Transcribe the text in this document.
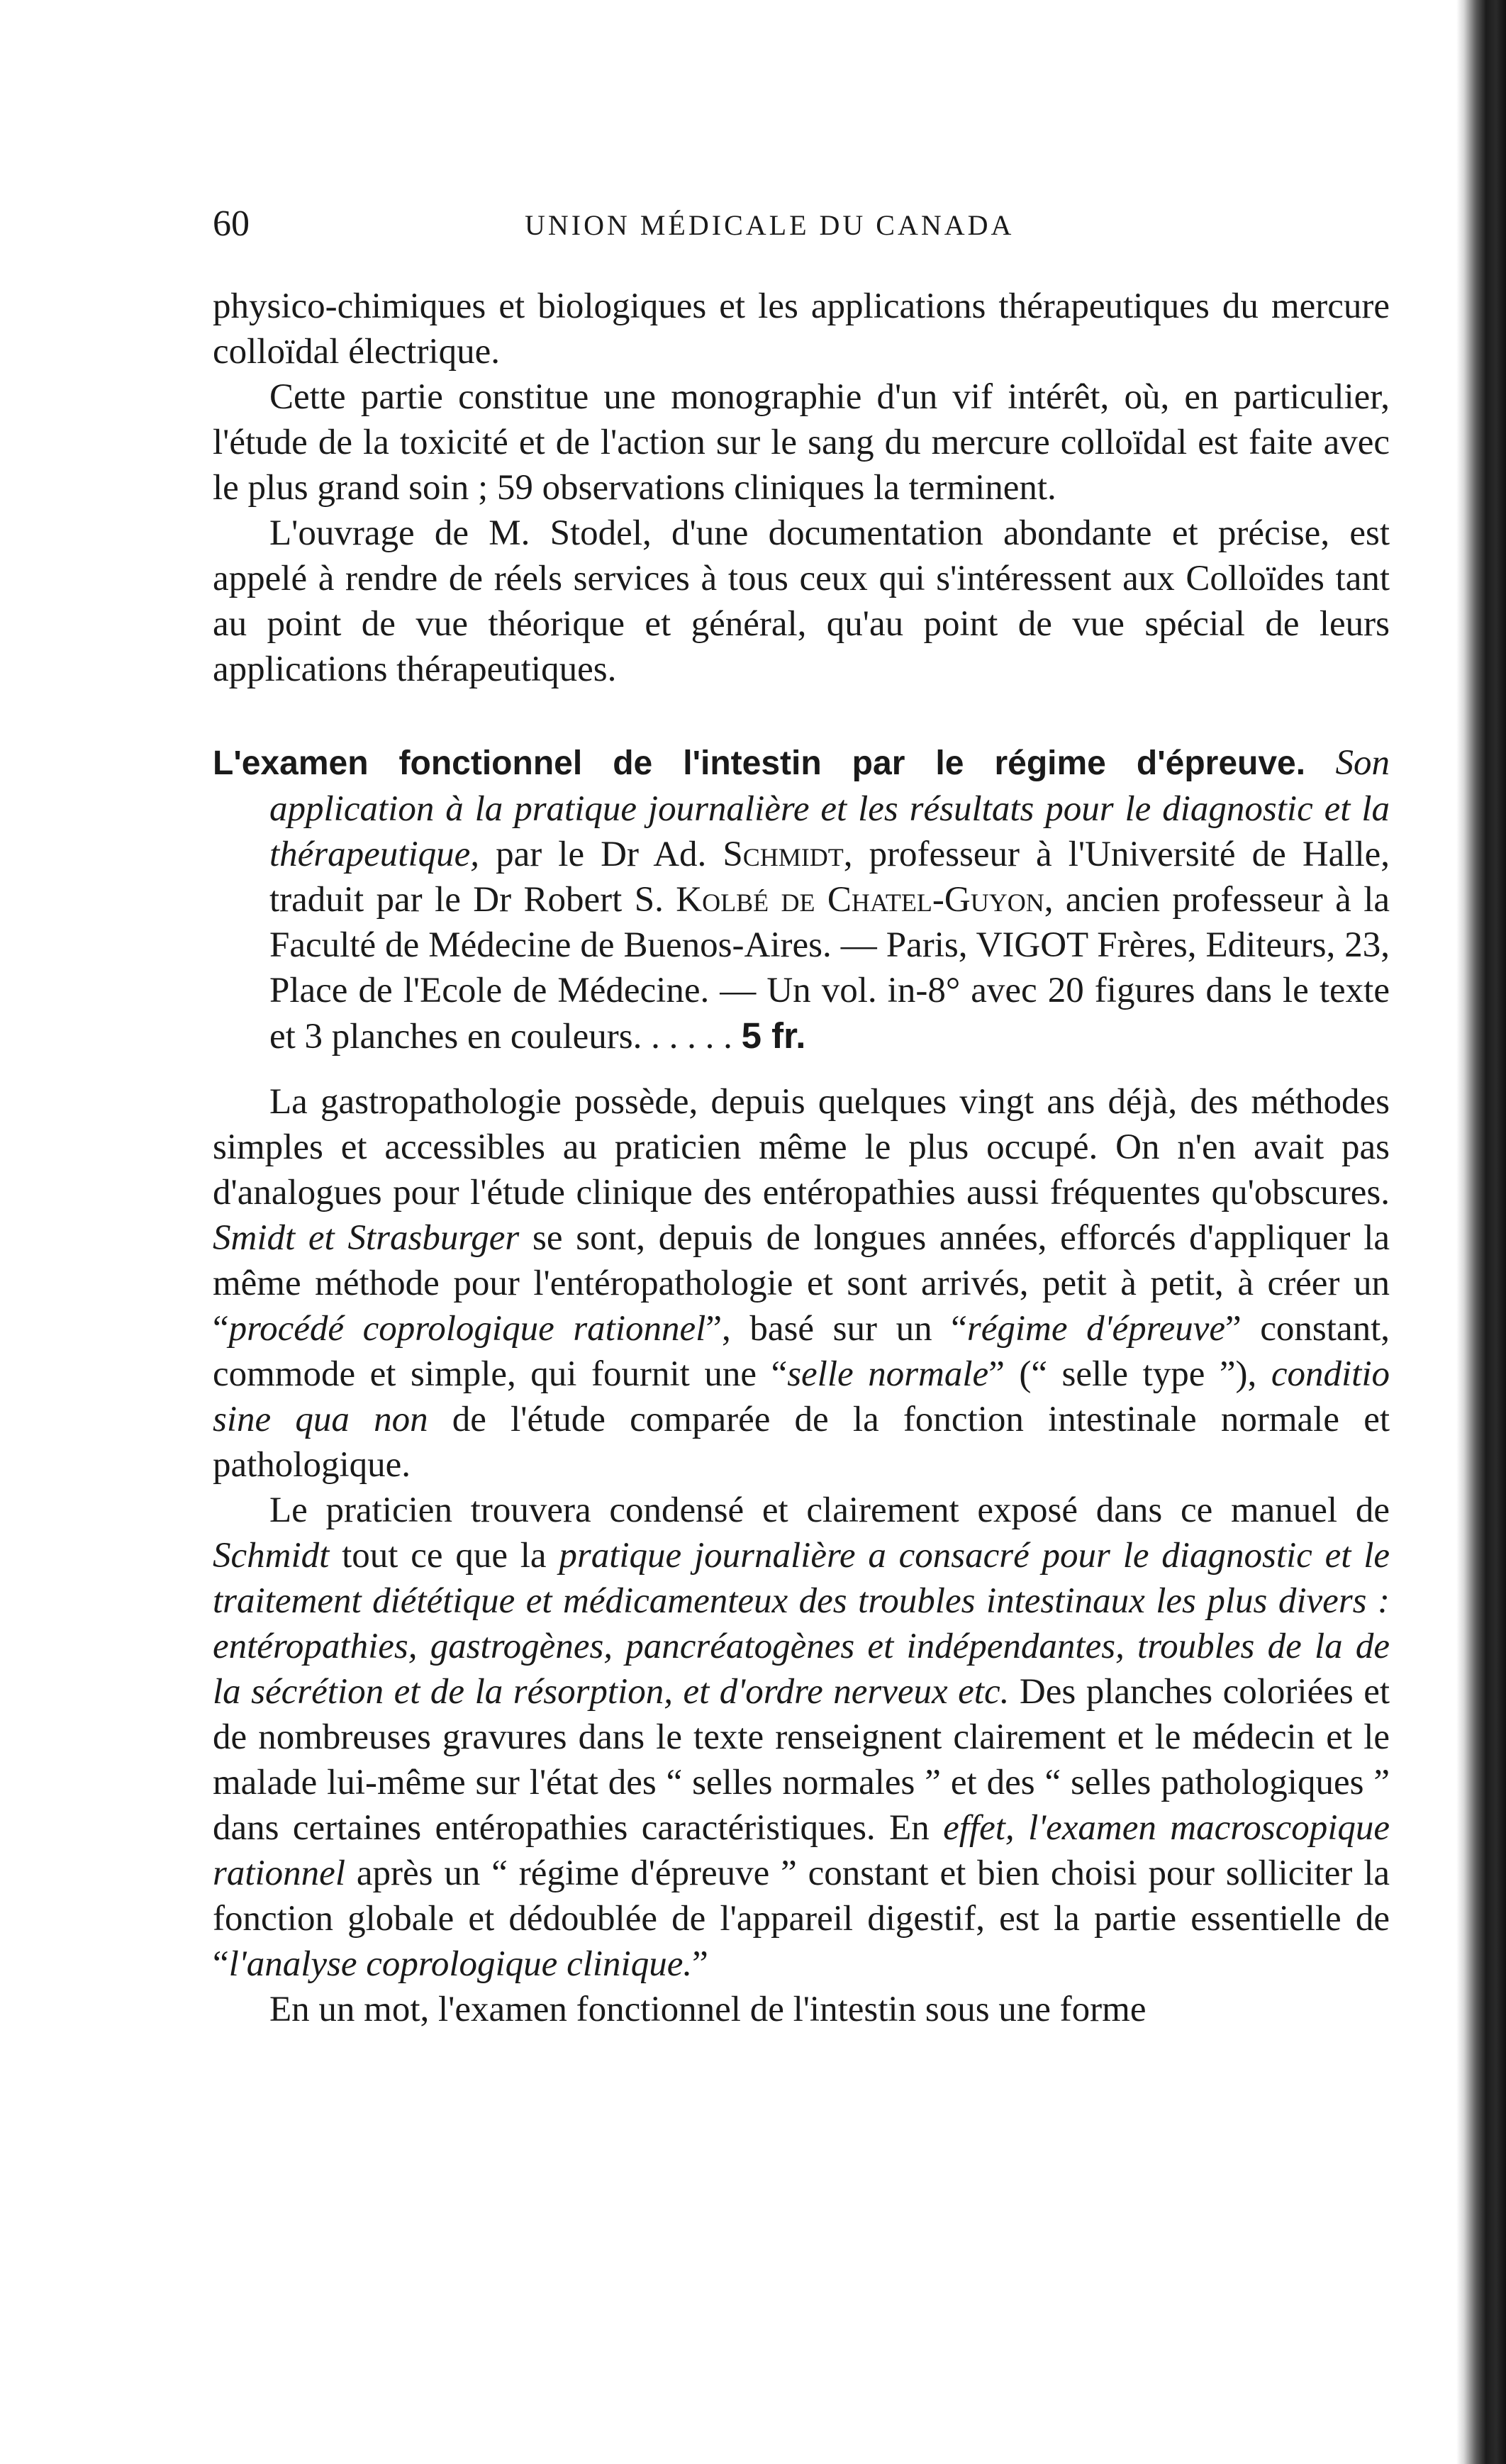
60	UNION MÉDICALE DU CANADA

physico-chimiques et biologiques et les applications thérapeutiques du mercure colloïdal électrique.

Cette partie constitue une monographie d'un vif intérêt, où, en particulier, l'étude de la toxicité et de l'action sur le sang du mercure colloïdal est faite avec le plus grand soin ; 59 observations cliniques la terminent.

L'ouvrage de M. Stodel, d'une documentation abondante et précise, est appelé à rendre de réels services à tous ceux qui s'intéressent aux Colloïdes tant au point de vue théorique et général, qu'au point de vue spécial de leurs applications thérapeutiques.

L'examen fonctionnel de l'intestin par le régime d'épreuve. Son application à la pratique journalière et les résultats pour le diagnostic et la thérapeutique, par le Dr Ad. Schmidt, professeur à l'Université de Halle, traduit par le Dr Robert S. Kolbé de Chatel-Guyon, ancien professeur à la Faculté de Médecine de Buenos-Aires. — Paris, VIGOT Frères, Editeurs, 23, Place de l'Ecole de Médecine. — Un vol. in-8° avec 20 figures dans le texte et 3 planches en couleurs. . . . . . 5 fr.

La gastropathologie possède, depuis quelques vingt ans déjà, des méthodes simples et accessibles au praticien même le plus occupé. On n'en avait pas d'analogues pour l'étude clinique des entéropathies aussi fréquentes qu'obscures. Smidt et Strasburger se sont, depuis de longues années, efforcés d'appliquer la même méthode pour l'entéropathologie et sont arrivés, petit à petit, à créer un “procédé coprologique rationnel”, basé sur un “régime d'épreuve” constant, commode et simple, qui fournit une “selle normale” (“ selle type ”), conditio sine qua non de l'étude comparée de la fonction intestinale normale et pathologique.

Le praticien trouvera condensé et clairement exposé dans ce manuel de Schmidt tout ce que la pratique journalière a consacré pour le diagnostic et le traitement diététique et médicamenteux des troubles intestinaux les plus divers : entéropathies, gastrogènes, pancréatogènes et indépendantes, troubles de la de la sécrétion et de la résorption, et d'ordre nerveux etc. Des planches coloriées et de nombreuses gravures dans le texte renseignent clairement et le médecin et le malade lui-même sur l'état des “ selles normales ” et des “ selles pathologiques ” dans certaines entéropathies caractéristiques. En effet, l'examen macroscopique rationnel après un “ régime d'épreuve ” constant et bien choisi pour solliciter la fonction globale et dédoublée de l'appareil digestif, est la partie essentielle de “l'analyse coprologique clinique.”

En un mot, l'examen fonctionnel de l'intestin sous une forme
